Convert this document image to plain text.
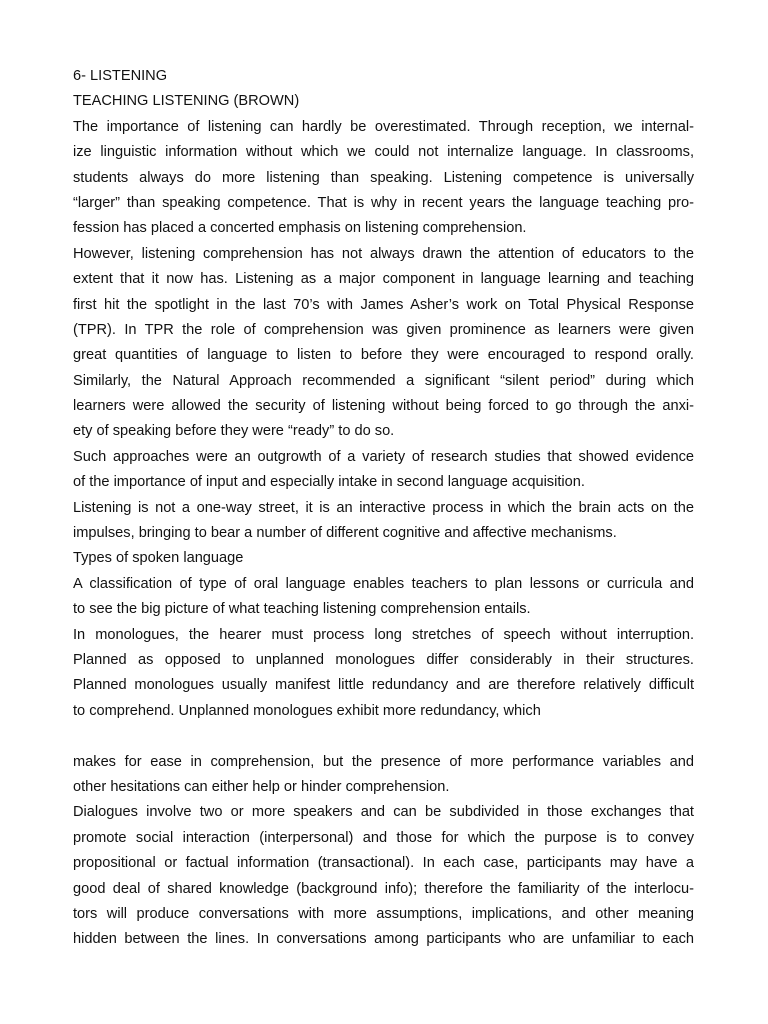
6- LISTENING
TEACHING LISTENING (BROWN)
The importance of listening can hardly be overestimated. Through reception, we internal-
ize linguistic information without which we could not internalize language. In classrooms,
students always do more listening than speaking. Listening competence is universally
“larger” than speaking competence. That is why in recent years the language teaching pro-
fession has placed a concerted emphasis on listening comprehension.
However, listening comprehension has not always drawn the attention of educators to the
extent that it now has. Listening as a major component in language learning and teaching
first hit the spotlight in the last 70’s with James Asher’s work on Total Physical Response
(TPR). In TPR the role of comprehension was given prominence as learners were given
great quantities of language to listen to before they were encouraged to respond orally.
Similarly, the Natural Approach recommended a significant “silent period” during which
learners were allowed the security of listening without being forced to go through the anxi-
ety of speaking before they were “ready” to do so.
Such approaches were an outgrowth of a variety of research studies that showed evidence
of the importance of input and especially intake in second language acquisition.
Listening is not a one-way street, it is an interactive process in which the brain acts on the
impulses, bringing to bear a number of different cognitive and affective mechanisms.
Types of spoken language
A classification of type of oral language enables teachers to plan lessons or curricula and
to see the big picture of what teaching listening comprehension entails.
In monologues, the hearer must process long stretches of speech without interruption.
Planned as opposed to unplanned monologues differ considerably in their structures.
Planned monologues usually manifest little redundancy and are therefore relatively difficult
to comprehend. Unplanned monologues exhibit more redundancy, which
makes for ease in comprehension, but the presence of more performance variables and
other hesitations can either help or hinder comprehension.
Dialogues involve two or more speakers and can be subdivided in those exchanges that
promote social interaction (interpersonal) and those for which the purpose is to convey
propositional or factual information (transactional). In each case, participants may have a
good deal of shared knowledge (background info); therefore the familiarity of the interlocu-
tors will produce conversations with more assumptions, implications, and other meaning
hidden between the lines. In conversations among participants who are unfamiliar to each
